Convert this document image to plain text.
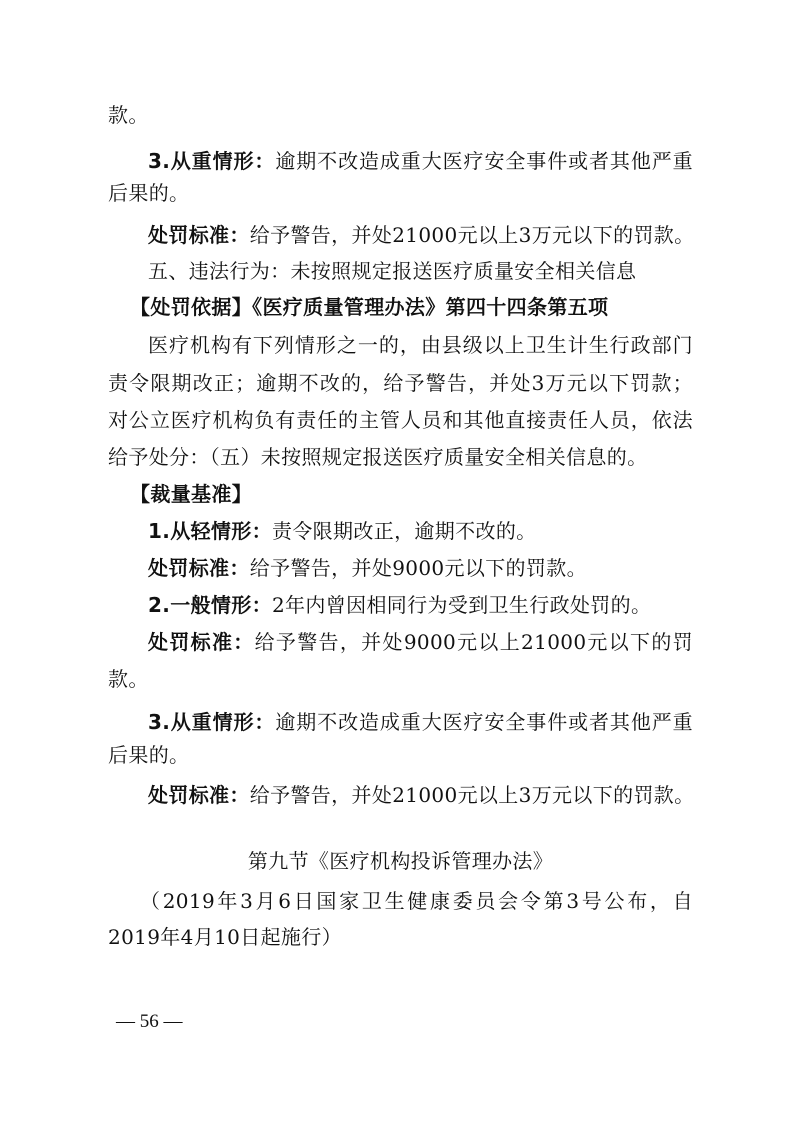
款。
3.从重情形：逾期不改造成重大医疗安全事件或者其他严重
后果的。
处罚标准：给予警告，并处21000元以上3万元以下的罚款。
五、违法行为：未按照规定报送医疗质量安全相关信息
【处罚依据】《医疗质量管理办法》第四十四条第五项
医疗机构有下列情形之一的，由县级以上卫生计生行政部门
责令限期改正；逾期不改的，给予警告，并处3万元以下罚款；
对公立医疗机构负有责任的主管人员和其他直接责任人员，依法
给予处分：（五）未按照规定报送医疗质量安全相关信息的。
【裁量基准】
1.从轻情形：责令限期改正，逾期不改的。
处罚标准：给予警告，并处9000元以下的罚款。
2.一般情形：2年内曾因相同行为受到卫生行政处罚的。
处罚标准：给予警告，并处9000元以上21000元以下的罚
款。
3.从重情形：逾期不改造成重大医疗安全事件或者其他严重
后果的。
处罚标准：给予警告，并处21000元以上3万元以下的罚款。
第九节《医疗机构投诉管理办法》
（2019年3月6日国家卫生健康委员会令第3号公布，自
2019年4月10日起施行）
— 56 —
